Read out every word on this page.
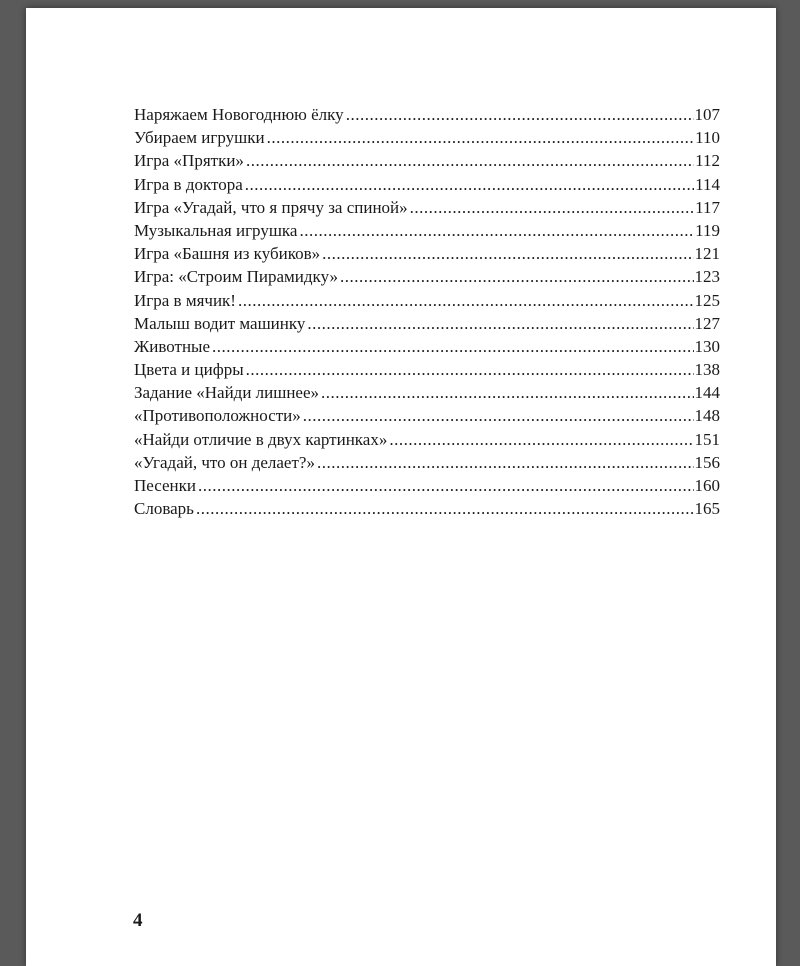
Наряжаем Новогоднюю ёлку .....	107
Убираем игрушки .....	110
Игра «Прятки» .....	112
Игра в доктора .....	114
Игра «Угадай, что я прячу за спиной» .....	117
Музыкальная игрушка .....	119
Игра «Башня из кубиков» .....	121
Игра: «Строим Пирамидку» .....	123
Игра в мячик! .....	125
Малыш водит машинку .....	127
Животные .....	130
Цвета и цифры .....	138
Задание «Найди лишнее» .....	144
«Противоположности» .....	148
«Найди отличие в двух картинках» .....	151
«Угадай, что он делает?» .....	156
Песенки .....	160
Словарь .....	165
4
